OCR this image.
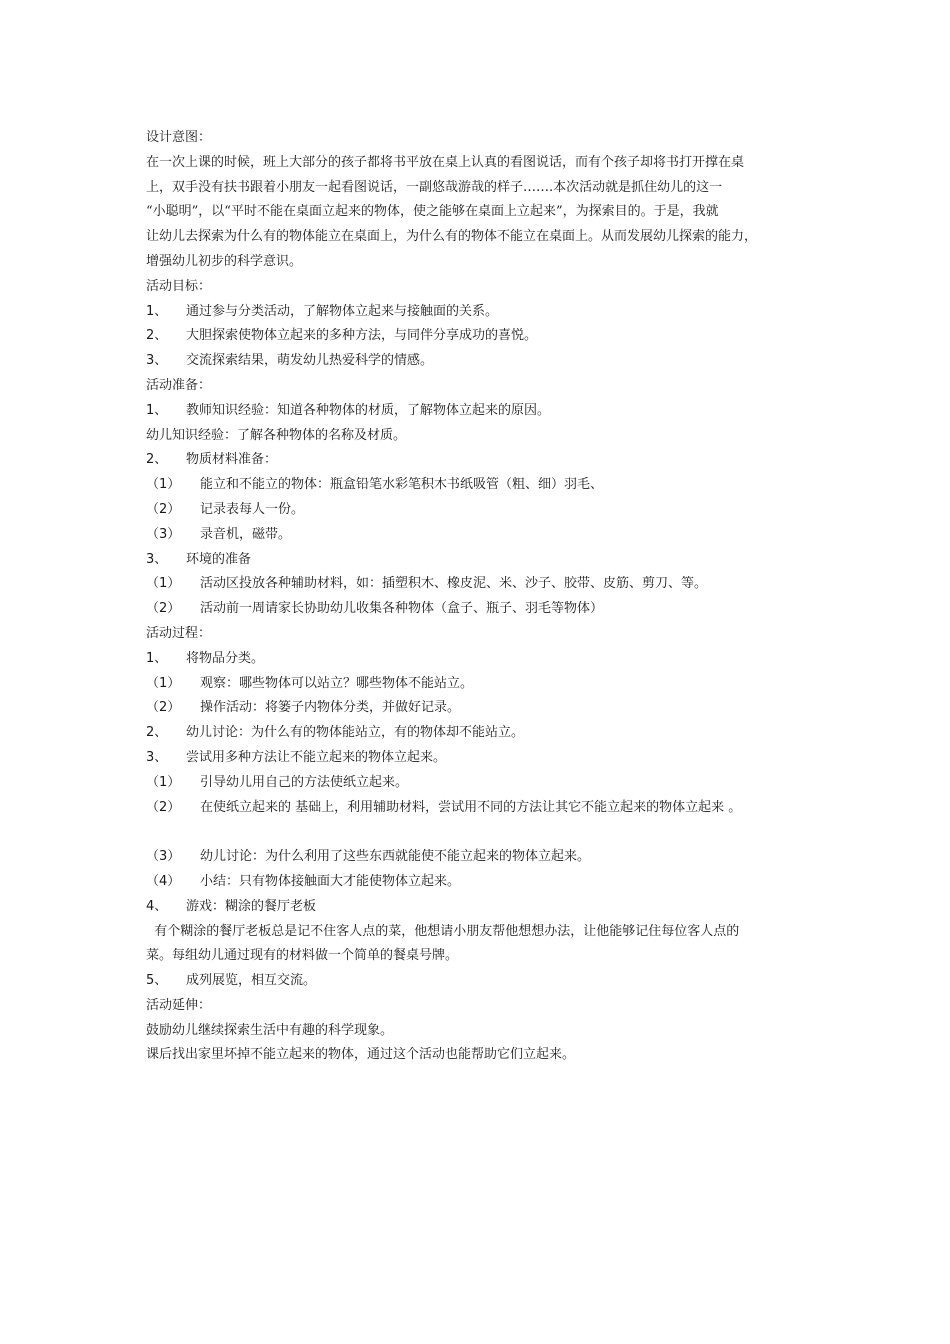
设计意图：
在一次上课的时候，班上大部分的孩子都将书平放在桌上认真的看图说话，而有个孩子却将书打开撑在桌
上，双手没有扶书跟着小朋友一起看图说话，一副悠哉游哉的样子…….本次活动就是抓住幼儿的这一
“小聪明”，以“平时不能在桌面立起来的物体，使之能够在桌面上立起来”，为探索目的。于是，我就
让幼儿去探索为什么有的物体能立在桌面上，为什么有的物体不能立在桌面上。从而发展幼儿探索的能力，
增强幼儿初步的科学意识。
活动目标：
1、 通过参与分类活动，了解物体立起来与接触面的关系。
2、 大胆探索使物体立起来的多种方法，与同伴分享成功的喜悦。
3、 交流探索结果，萌发幼儿热爱科学的情感。
活动准备：
1、 教师知识经验：知道各种物体的材质，了解物体立起来的原因。
幼儿知识经验：了解各种物体的名称及材质。
2、 物质材料准备：
（1） 能立和不能立的物体：瓶盒铅笔水彩笔积木书纸吸管（粗、细）羽毛、
（2） 记录表每人一份。
（3） 录音机，磁带。
3、 环境的准备
（1） 活动区投放各种辅助材料，如：插塑积木、橡皮泥、米、沙子、胶带、皮筋、剪刀、等。
（2） 活动前一周请家长协助幼儿收集各种物体（盒子、瓶子、羽毛等物体）
活动过程：
1、 将物品分类。
（1） 观察：哪些物体可以站立？哪些物体不能站立。
（2） 操作活动：将篓子内物体分类，并做好记录。
2、 幼儿讨论：为什么有的物体能站立，有的物体却不能站立。
3、 尝试用多种方法让不能立起来的物体立起来。
（1） 引导幼儿用自己的方法使纸立起来。
（2） 在使纸立起来的 基础上，利用辅助材料，尝试用不同的方法让其它不能立起来的物体立起来 。
（3） 幼儿讨论：为什么利用了这些东西就能使不能立起来的物体立起来。
（4） 小结：只有物体接触面大才能使物体立起来。
4、 游戏：糊涂的餐厅老板
有个糊涂的餐厅老板总是记不住客人点的菜，他想请小朋友帮他想想办法，让他能够记住每位客人点的
菜。每组幼儿通过现有的材料做一个简单的餐桌号牌。
5、 成列展览，相互交流。
活动延伸：
鼓励幼儿继续探索生活中有趣的科学现象。
课后找出家里坏掉不能立起来的物体，通过这个活动也能帮助它们立起来。
